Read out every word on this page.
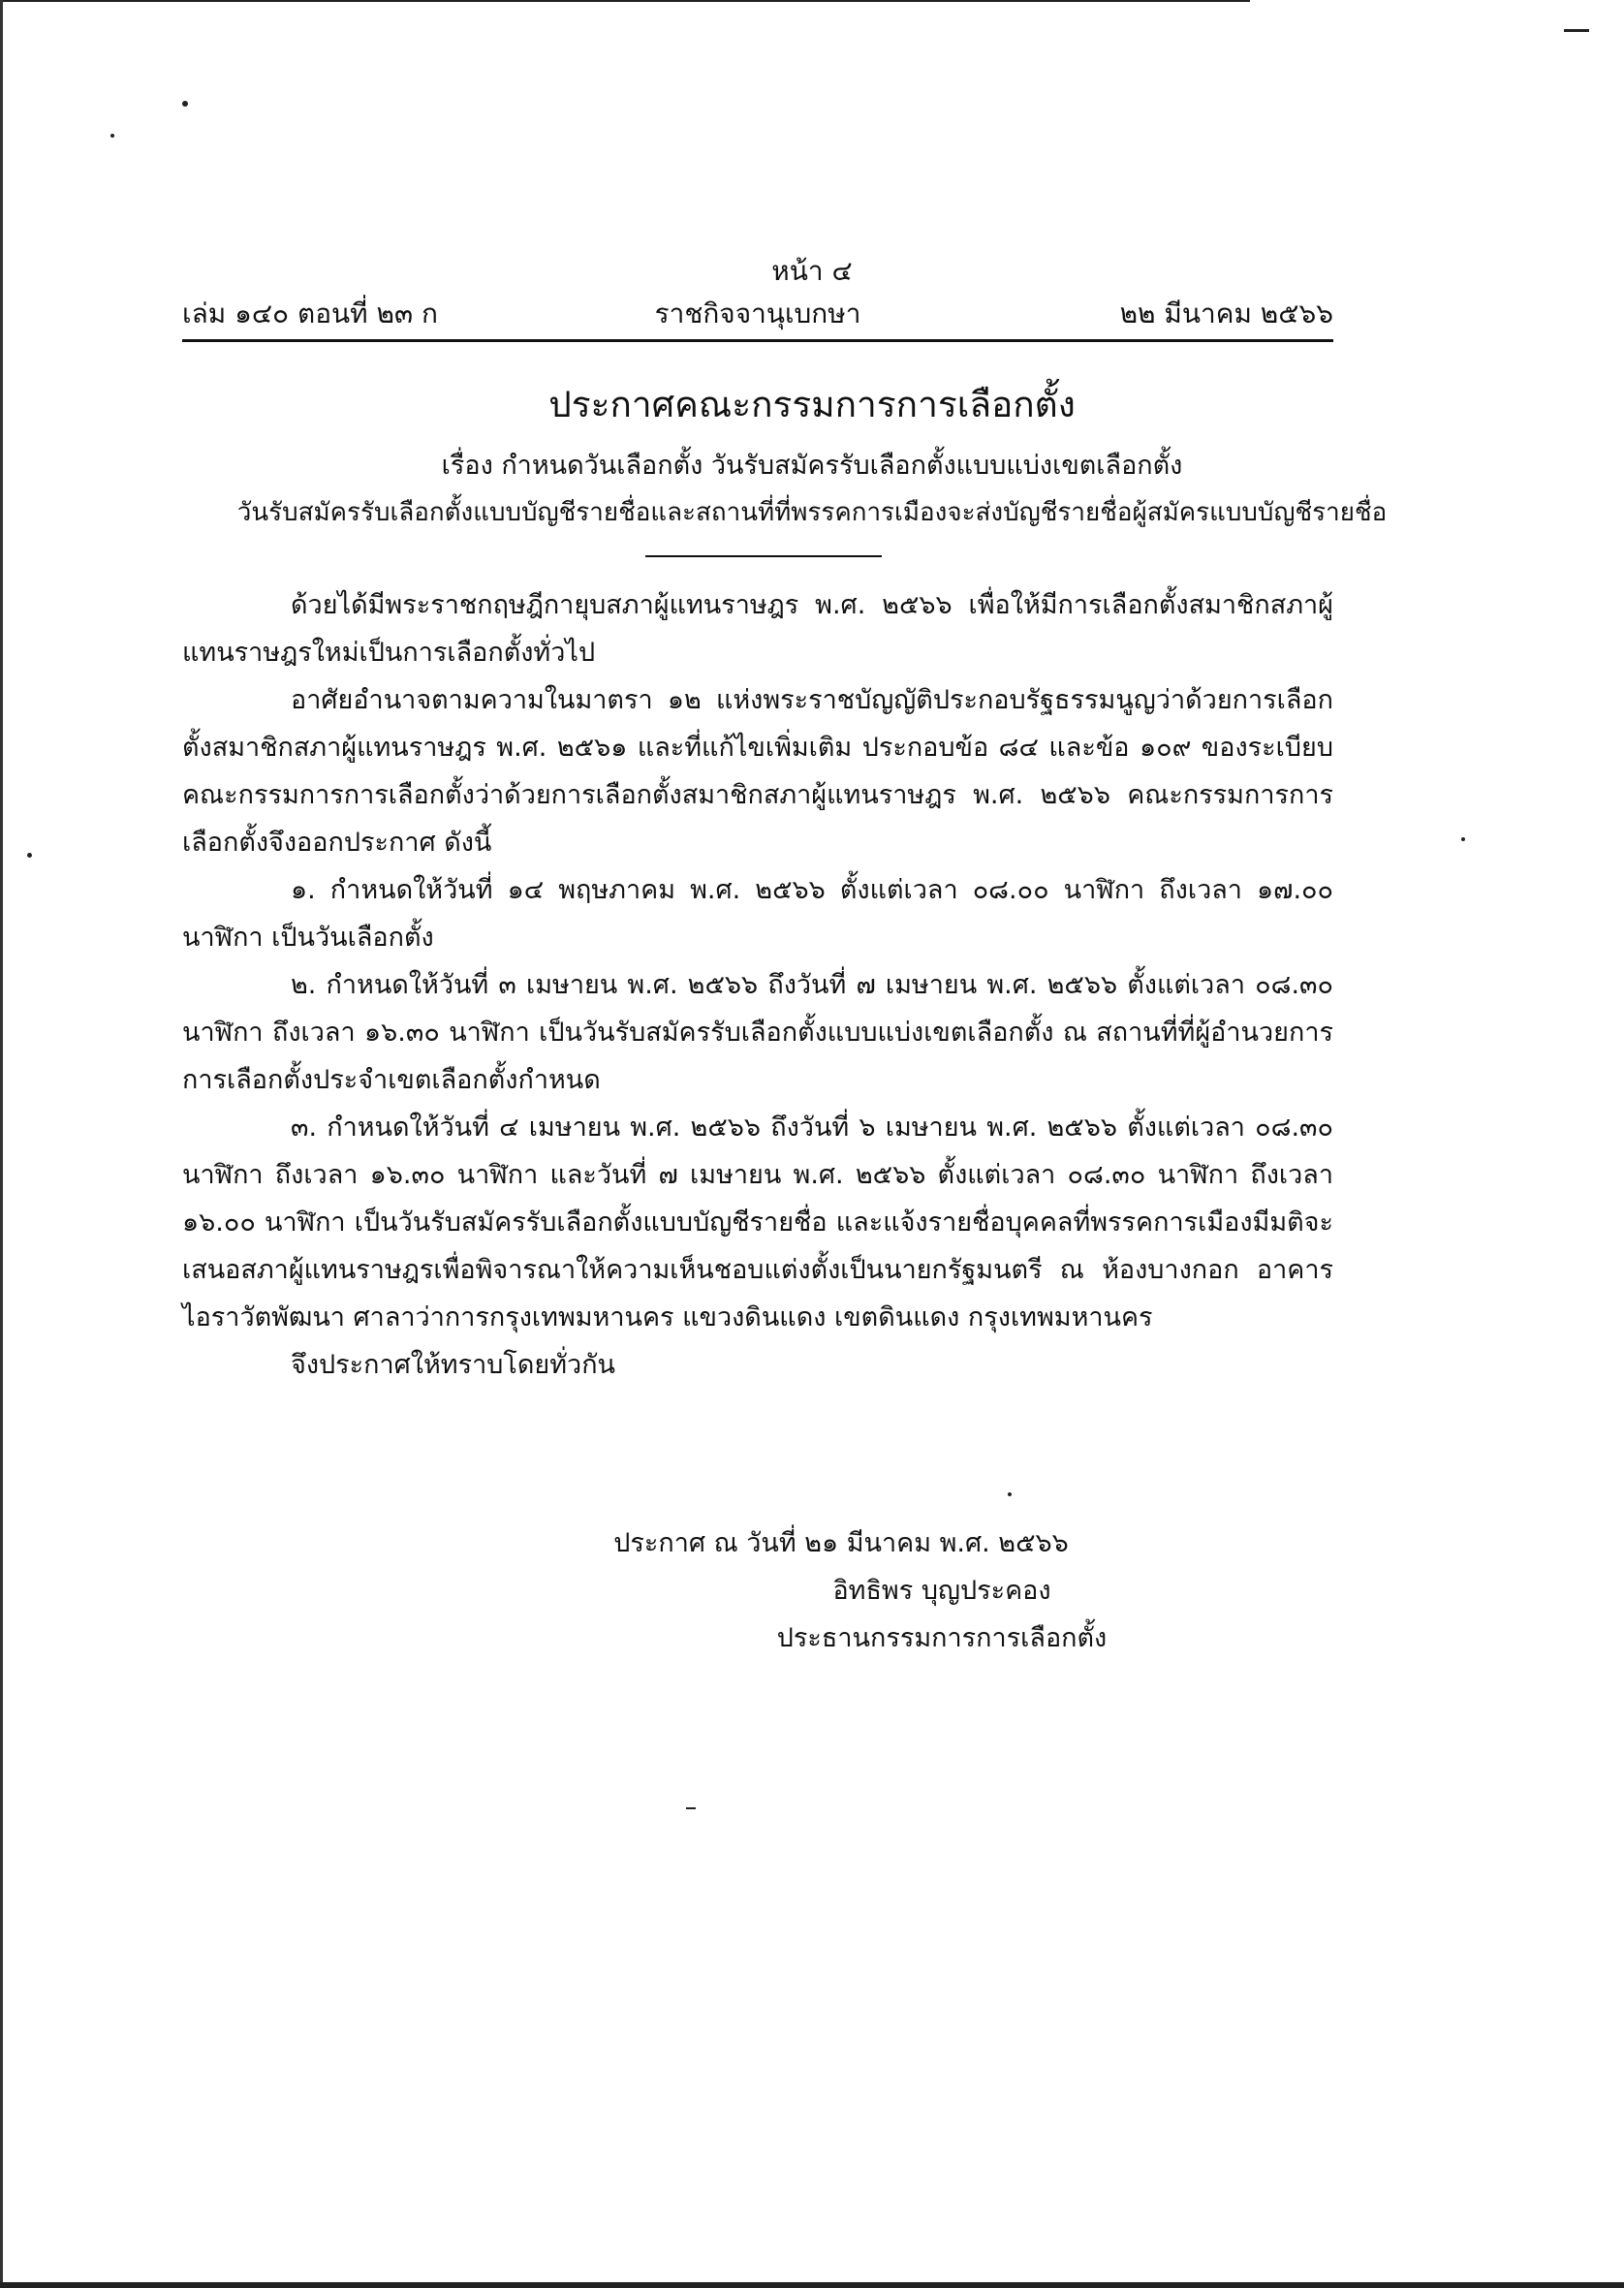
หน้า ๔
เล่ม ๑๔๐ ตอนที่ ๒๓ ก	ราชกิจจานุเบกษา	๒๒ มีนาคม ๒๕๖๖
ประกาศคณะกรรมการการเลือกตั้ง
เรื่อง กำหนดวันเลือกตั้ง วันรับสมัครรับเลือกตั้งแบบแบ่งเขตเลือกตั้ง
วันรับสมัครรับเลือกตั้งแบบบัญชีรายชื่อและสถานที่ที่พรรคการเมืองจะส่งบัญชีรายชื่อผู้สมัครแบบบัญชีรายชื่อ

ด้วยได้มีพระราชกฤษฎีกายุบสภาผู้แทนราษฎร พ.ศ. ๒๕๖๖ เพื่อให้มีการเลือกตั้งสมาชิกสภาผู้แทนราษฎรใหม่เป็นการเลือกตั้งทั่วไป

อาศัยอำนาจตามความในมาตรา ๑๒ แห่งพระราชบัญญัติประกอบรัฐธรรมนูญว่าด้วยการเลือกตั้งสมาชิกสภาผู้แทนราษฎร พ.ศ. ๒๕๖๑ และที่แก้ไขเพิ่มเติม ประกอบข้อ ๘๔ และข้อ ๑๐๙ ของระเบียบคณะกรรมการการเลือกตั้งว่าด้วยการเลือกตั้งสมาชิกสภาผู้แทนราษฎร พ.ศ. ๒๕๖๖ คณะกรรมการการเลือกตั้งจึงออกประกาศ ดังนี้

๑. กำหนดให้วันที่ ๑๔ พฤษภาคม พ.ศ. ๒๕๖๖ ตั้งแต่เวลา ๐๘.๐๐ นาฬิกา ถึงเวลา ๑๗.๐๐ นาฬิกา เป็นวันเลือกตั้ง

๒. กำหนดให้วันที่ ๓ เมษายน พ.ศ. ๒๕๖๖ ถึงวันที่ ๗ เมษายน พ.ศ. ๒๕๖๖ ตั้งแต่เวลา ๐๘.๓๐ นาฬิกา ถึงเวลา ๑๖.๓๐ นาฬิกา เป็นวันรับสมัครรับเลือกตั้งแบบแบ่งเขตเลือกตั้ง ณ สถานที่ที่ผู้อำนวยการการเลือกตั้งประจำเขตเลือกตั้งกำหนด

๓. กำหนดให้วันที่ ๔ เมษายน พ.ศ. ๒๕๖๖ ถึงวันที่ ๖ เมษายน พ.ศ. ๒๕๖๖ ตั้งแต่เวลา ๐๘.๓๐ นาฬิกา ถึงเวลา ๑๖.๓๐ นาฬิกา และวันที่ ๗ เมษายน พ.ศ. ๒๕๖๖ ตั้งแต่เวลา ๐๘.๓๐ นาฬิกา ถึงเวลา ๑๖.๐๐ นาฬิกา เป็นวันรับสมัครรับเลือกตั้งแบบบัญชีรายชื่อ และแจ้งรายชื่อบุคคลที่พรรคการเมืองมีมติจะเสนอสภาผู้แทนราษฎรเพื่อพิจารณาให้ความเห็นชอบแต่งตั้งเป็นนายกรัฐมนตรี ณ ห้องบางกอก อาคารไอราวัตพัฒนา ศาลาว่าการกรุงเทพมหานคร แขวงดินแดง เขตดินแดง กรุงเทพมหานคร

จึงประกาศให้ทราบโดยทั่วกัน

ประกาศ ณ วันที่ ๒๑ มีนาคม พ.ศ. ๒๕๖๖
อิทธิพร บุญประคอง
ประธานกรรมการการเลือกตั้ง
